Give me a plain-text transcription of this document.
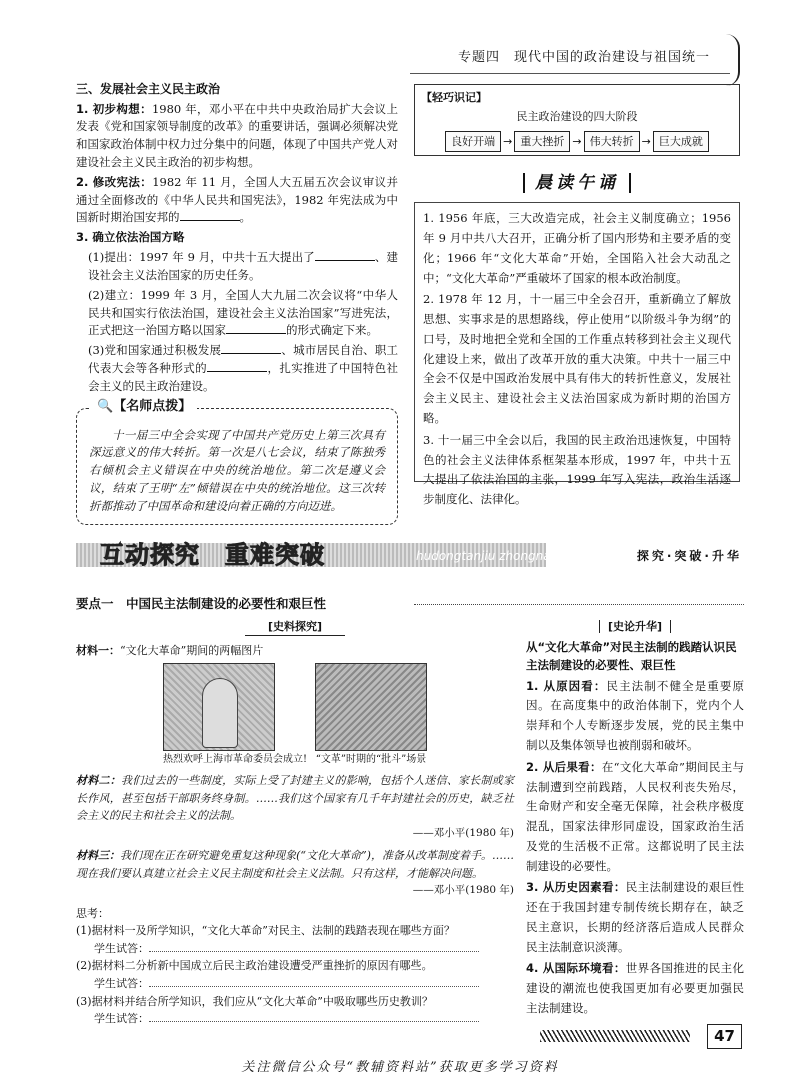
专题四　现代中国的政治建设与祖国统一
三、发展社会主义民主政治
1. 初步构想：1980 年，邓小平在中共中央政治局扩大会议上发表《党和国家领导制度的改革》的重要讲话，强调必须解决党和国家政治体制中权力过分集中的问题，体现了中国共产党人对建设社会主义民主政治的初步构想。
2. 修改宪法：1982 年 11 月，全国人大五届五次会议审议并通过全面修改的《中华人民共和国宪法》，1982 年宪法成为中国新时期治国安邦的	。
3. 确立依法治国方略
(1)提出：1997 年 9 月，中共十五大提出了	、建设社会主义法治国家的历史任务。
(2)建立：1999 年 3 月，全国人大九届二次会议将“中华人民共和国实行依法治国，建设社会主义法治国家”写进宪法，正式把这一治国方略以国家	的形式确定下来。
(3)党和国家通过积极发展	、城市居民自治、职工代表大会等各种形式的	，扎实推进了中国特色社会主义的民主政治建设。
🔍【名师点拨】
十一届三中全会实现了中国共产党历史上第三次具有深远意义的伟大转折。第一次是八七会议，结束了陈独秀右倾机会主义错误在中央的统治地位。第二次是遵义会议，结束了王明“左”倾错误在中央的统治地位。这三次转折都推动了中国革命和建设向着正确的方向迈进。
【轻巧识记】
民主政治建设的四大阶段
良好开端 → 重大挫折 → 伟大转折 → 巨大成就
晨读午诵
1. 1956 年底，三大改造完成，社会主义制度确立；1956 年 9 月中共八大召开，正确分析了国内形势和主要矛盾的变化；1966 年“文化大革命”开始，全国陷入社会大动乱之中；“文化大革命”严重破坏了国家的根本政治制度。
2. 1978 年 12 月，十一届三中全会召开，重新确立了解放思想、实事求是的思想路线，停止使用“以阶级斗争为纲”的口号，及时地把全党和全国的工作重点转移到社会主义现代化建设上来，做出了改革开放的重大决策。中共十一届三中全会不仅是中国政治发展中具有伟大的转折性意义，发展社会主义民主、建设社会主义法治国家成为新时期的治国方略。
3. 十一届三中全会以后，我国的民主政治迅速恢复，中国特色的社会主义法律体系框架基本形成，1997 年，中共十五大提出了依法治国的主张，1999 年写入宪法，政治生活逐步制度化、法律化。
互动探究　重难突破	hudongtanjiu zhongnantupo	探究·突破·升华
要点一　中国民主法制建设的必要性和艰巨性
[史料探究]
材料一：“文化大革命”期间的两幅图片
热烈欢呼上海市革命委员会成立! “文革”时期的“批斗”场景
材料二：我们过去的一些制度，实际上受了封建主义的影响，包括个人迷信、家长制或家长作风，甚至包括干部职务终身制。……我们这个国家有几千年封建社会的历史，缺乏社会主义的民主和社会主义的法制。
——邓小平(1980 年)
材料三：我们现在正在研究避免重复这种现象(“文化大革命”)，准备从改革制度着手。……现在我们要认真建立社会主义民主制度和社会主义法制。只有这样，才能解决问题。
——邓小平(1980 年)
思考：
(1)据材料一及所学知识，“文化大革命”对民主、法制的践踏表现在哪些方面？
学生试答：
(2)据材料二分析新中国成立后民主政治建设遭受严重挫折的原因有哪些。
学生试答：
(3)据材料并结合所学知识，我们应从“文化大革命”中吸取哪些历史教训？
学生试答：
[史论升华]
从“文化大革命”对民主法制的践踏认识民主法制建设的必要性、艰巨性
1. 从原因看：民主法制不健全是重要原因。在高度集中的政治体制下，党内个人崇拜和个人专断逐步发展，党的民主集中制以及集体领导也被削弱和破坏。
2. 从后果看：在“文化大革命”期间民主与法制遭到空前践踏，人民权利丧失殆尽，生命财产和安全毫无保障，社会秩序极度混乱，国家法律形同虚设，国家政治生活及党的生活极不正常。这都说明了民主法制建设的必要性。
3. 从历史因素看：民主法制建设的艰巨性还在于我国封建专制传统长期存在，缺乏民主意识，长期的经济落后造成人民群众民主法制意识淡薄。
4. 从国际环境看：世界各国推进的民主化建设的潮流也使我国更加有必要更加强民主法制建设。
47
关注微信公众号“教辅资料站”获取更多学习资料
